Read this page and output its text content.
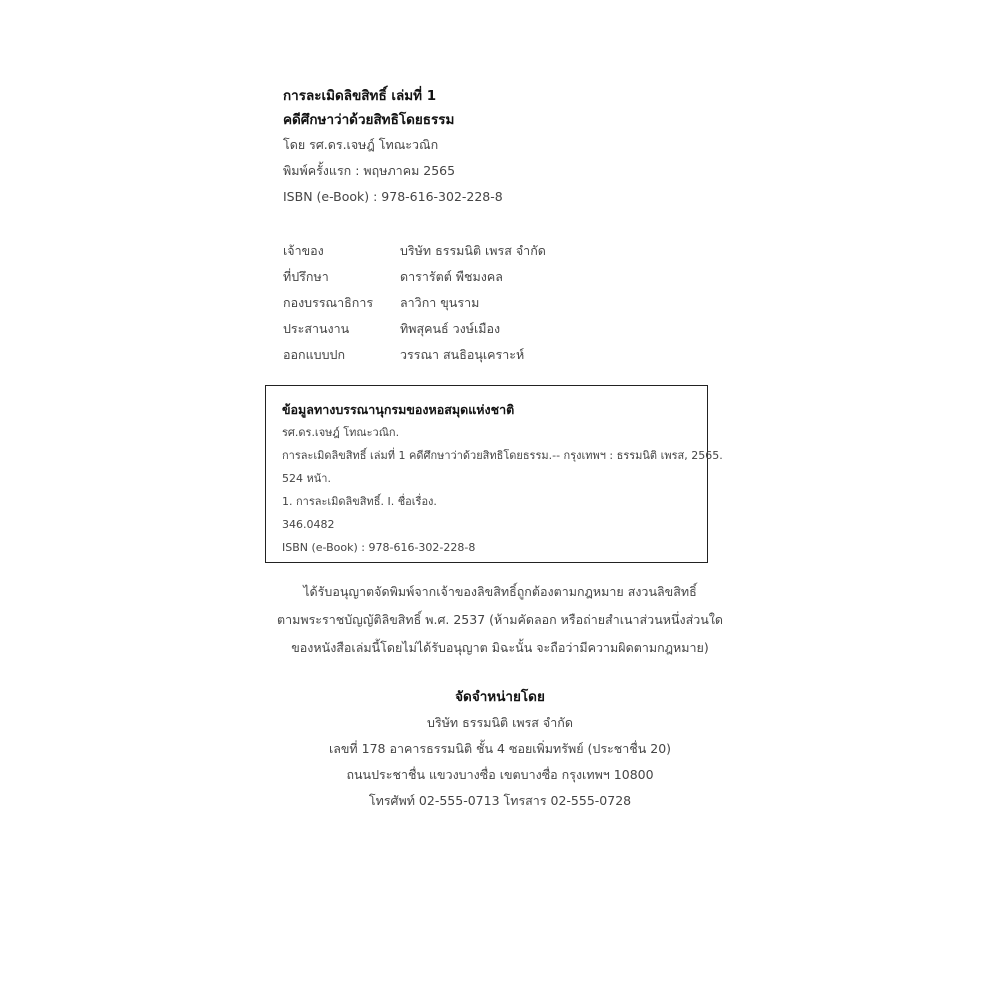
การละเมิดลิขสิทธิ์ เล่มที่ 1
คดีศึกษาว่าด้วยสิทธิโดยธรรม
โดย รศ.ดร.เจษฎ์ โทณะวณิก
พิมพ์ครั้งแรก : พฤษภาคม 2565
ISBN (e-Book) : 978-616-302-228-8
เจ้าของ	บริษัท ธรรมนิติ เพรส จำกัด
ที่ปรึกษา	ดารารัตต์ พืชมงคล
กองบรรณาธิการ	ลาวิกา ขุนราม
ประสานงาน	ทิพสุคนธ์ วงษ์เมือง
ออกแบบปก	วรรณา สนธิอนุเคราะห์
ข้อมูลทางบรรณานุกรมของหอสมุดแห่งชาติ
รศ.ดร.เจษฎ์ โทณะวณิก.
การละเมิดลิขสิทธิ์ เล่มที่ 1 คดีศึกษาว่าด้วยสิทธิโดยธรรม.-- กรุงเทพฯ : ธรรมนิติ เพรส, 2565.
524 หน้า.
1. การละเมิดลิขสิทธิ์. I. ชื่อเรื่อง.
346.0482
ISBN (e-Book) : 978-616-302-228-8
ได้รับอนุญาตจัดพิมพ์จากเจ้าของลิขสิทธิ์ถูกต้องตามกฎหมาย สงวนลิขสิทธิ์
ตามพระราชบัญญัติลิขสิทธิ์ พ.ศ. 2537 (ห้ามคัดลอก หรือถ่ายสำเนาส่วนหนึ่งส่วนใด
ของหนังสือเล่มนี้โดยไม่ได้รับอนุญาต มิฉะนั้น จะถือว่ามีความผิดตามกฎหมาย)
จัดจำหน่ายโดย
บริษัท ธรรมนิติ เพรส จำกัด
เลขที่ 178 อาคารธรรมนิติ ชั้น 4 ซอยเพิ่มทรัพย์ (ประชาชื่น 20)
ถนนประชาชื่น แขวงบางซื่อ เขตบางซื่อ กรุงเทพฯ 10800
โทรศัพท์ 02-555-0713 โทรสาร 02-555-0728
